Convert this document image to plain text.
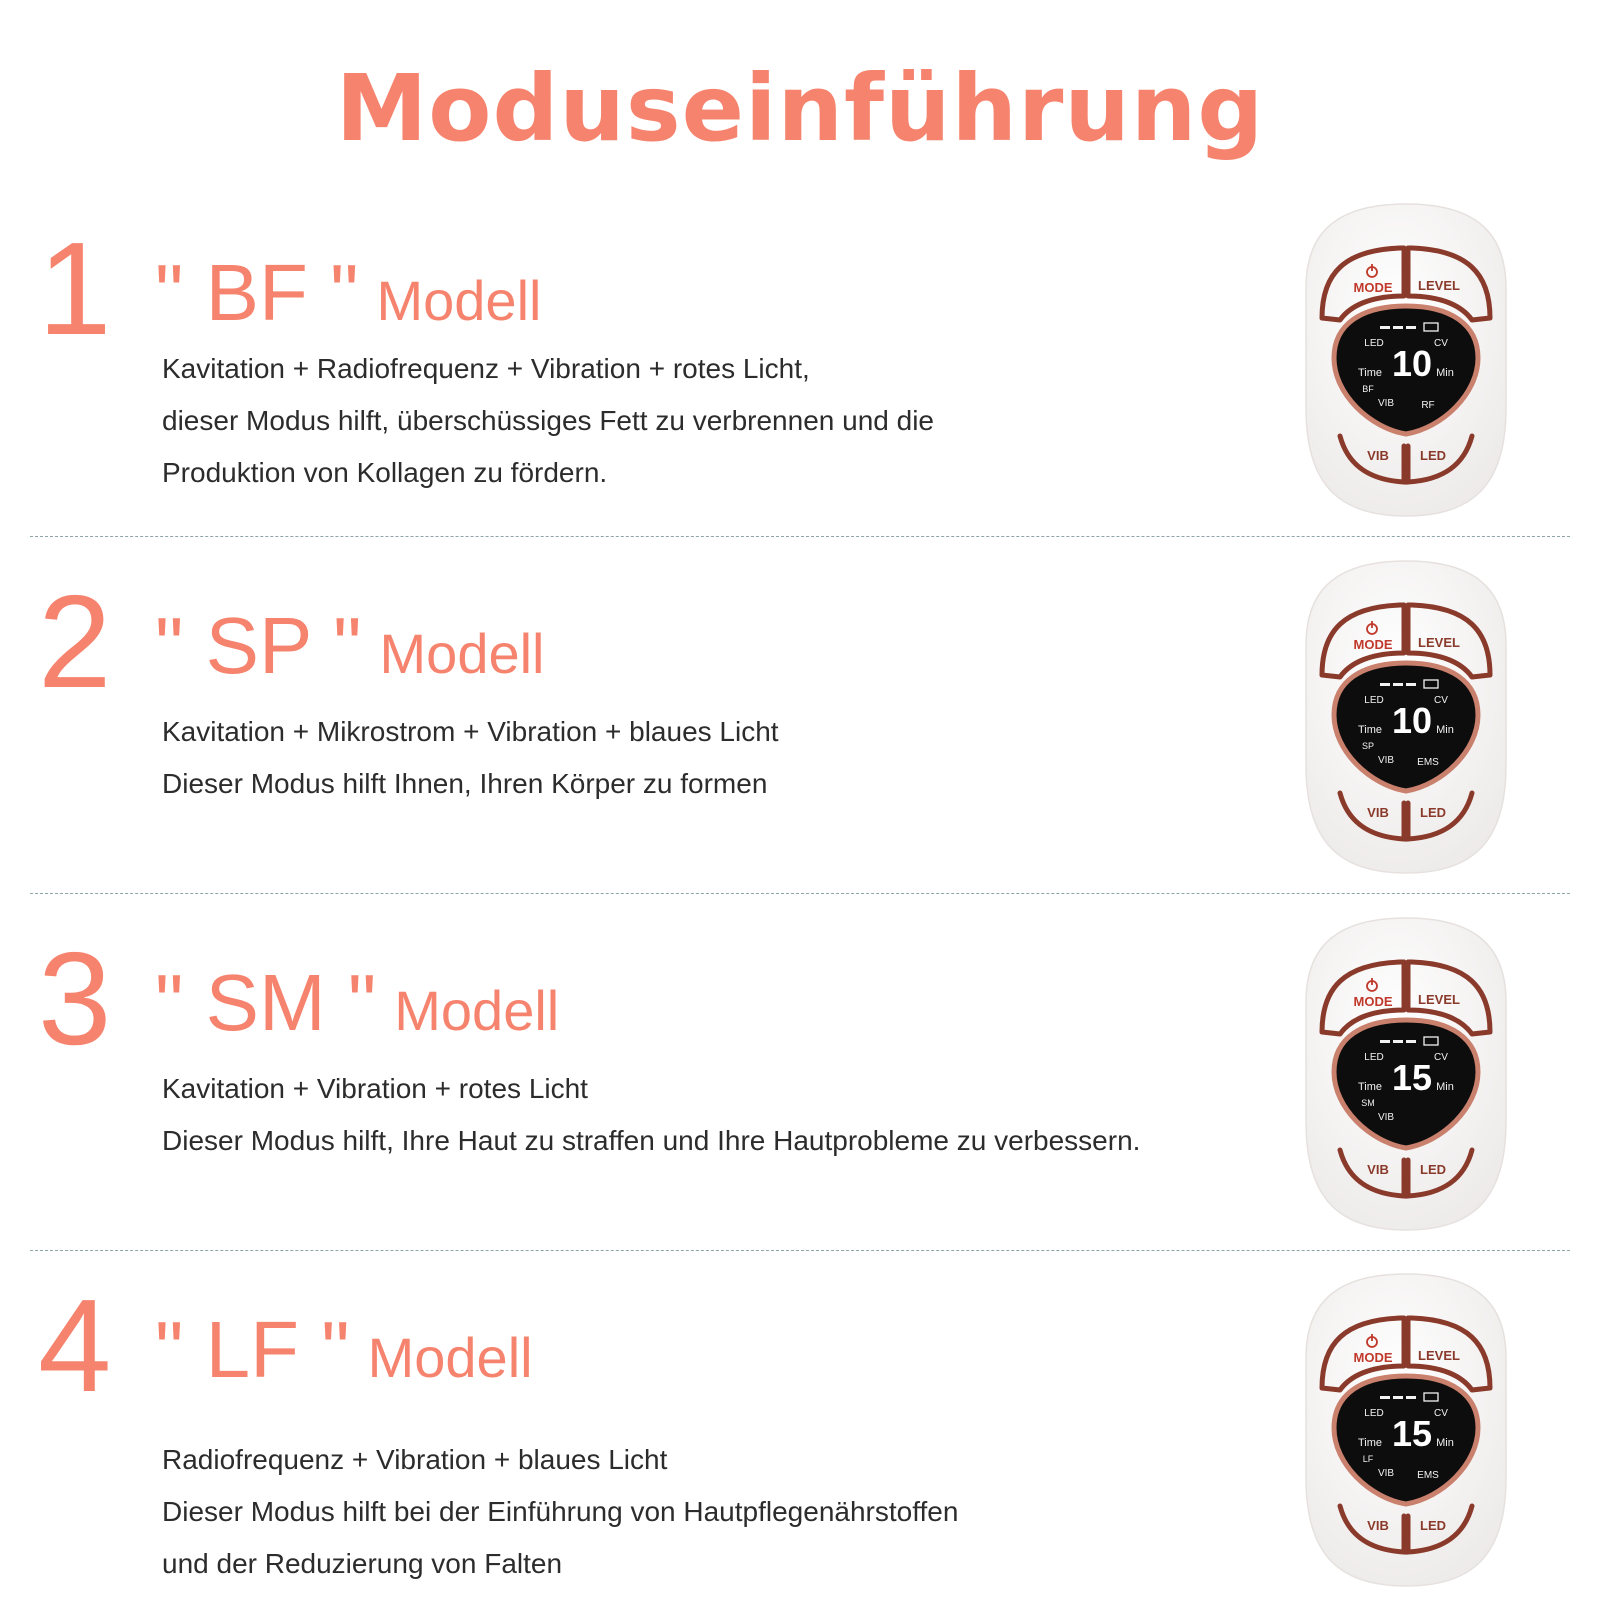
Moduseinführung
1 " BF " Modell

Kavitation + Radiofrequenz + Vibration + rotes Licht,

dieser Modus hilft, überschüssiges Fett zu verbrennen und die

Produktion von Kollagen zu fördern.

2 " SP " Modell

Kavitation + Mikrostrom + Vibration + blaues Licht

Dieser Modus hilft Ihnen, Ihren Körper zu formen

3 " SM " Modell

Kavitation + Vibration + rotes Licht

Dieser Modus hilft, Ihre Haut zu straffen und Ihre Hautprobleme zu verbessern.

4 " LF " Modell

Radiofrequenz + Vibration + blaues Licht

Dieser Modus hilft bei der Einführung von Hautpflegenährstoffen

und der Reduzierung von Falten

MODE LEVEL
VIB LED
LED	CV
10
Time	Min
BF
VIB	RF
MODE LEVEL
VIB LED
LED	CV
10
Time	Min
SP
VIB EMS
MODE LEVEL
VIB LED
LED	CV
15
Time	Min
SM
VIB
MODE LEVEL
VIB LED
LED	CV
15
Time	Min
LF
VIB EMS
